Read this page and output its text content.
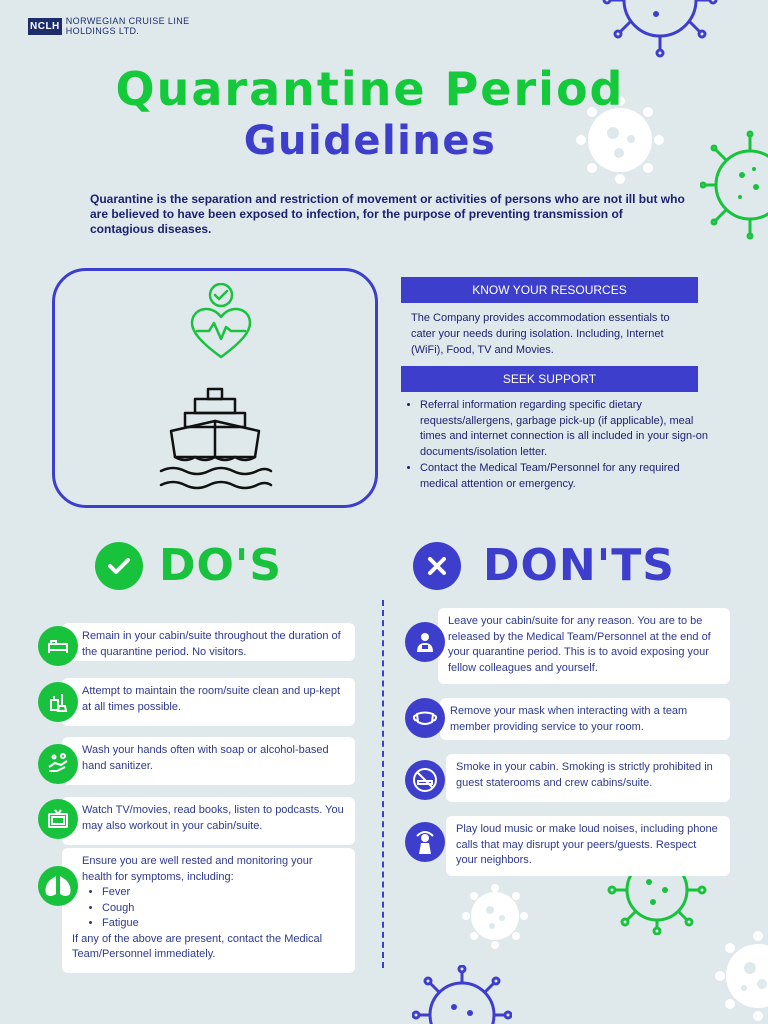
NCLH NORWEGIAN CRUISE LINE
HOLDINGS LTD.
Quarantine Period
Guidelines
Quarantine is the separation and restriction of movement or activities of persons who are not ill but who are believed to have been exposed to infection, for the purpose of preventing transmission of contagious diseases.
KNOW YOUR RESOURCES
The Company provides accommodation essentials to cater your needs during isolation. Including, Internet (WiFi), Food, TV and Movies.
SEEK SUPPORT
• Referral information regarding specific dietary requests/allergens, garbage pick-up (if applicable), meal times and internet connection is all included in your sign-on documents/isolation letter.
• Contact the Medical Team/Personnel for any required medical attention or emergency.
DO'S	DON'TS
Remain in your cabin/suite throughout the duration of the quarantine period. No visitors.
Attempt to maintain the room/suite clean and up-kept at all times possible.
Wash your hands often with soap or alcohol-based hand sanitizer.
Watch TV/movies, read books, listen to podcasts. You may also workout in your cabin/suite.
Ensure you are well rested and monitoring your health for symptoms, including:
• Fever
• Cough
• Fatigue
If any of the above are present, contact the Medical Team/Personnel immediately.
Leave your cabin/suite for any reason. You are to be released by the Medical Team/Personnel at the end of your quarantine period. This is to avoid exposing your fellow colleagues and yourself.
Remove your mask when interacting with a team member providing service to your room.
Smoke in your cabin. Smoking is strictly prohibited in guest staterooms and crew cabins/suite.
Play loud music or make loud noises, including phone calls that may disrupt your peers/guests. Respect your neighbors.
